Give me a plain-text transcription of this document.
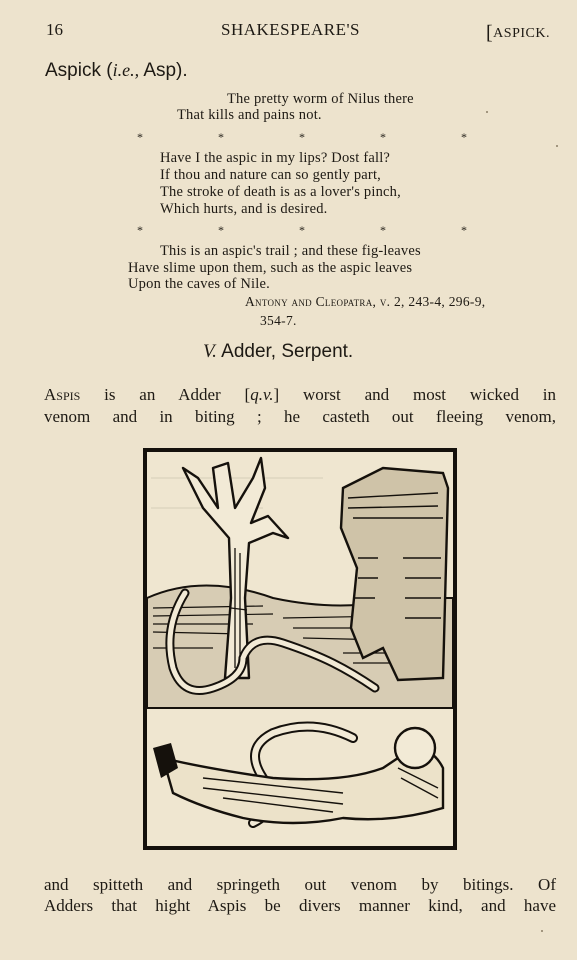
16	SHAKESPEARE'S	[ASPICK.
Aspick (i.e., Asp).
The pretty worm of Nilus there
That kills and pains not.
*	*	*	*	*
Have I the aspic in my lips? Dost fall?
If thou and nature can so gently part,
The stroke of death is as a lover's pinch,
Which hurts, and is desired.
*	*	*	*	*
This is an aspic's trail ; and these fig-leaves
Have slime upon them, such as the aspic leaves
Upon the caves of Nile.
Antony and Cleopatra, v. 2, 243-4, 296-9,
354-7.
V. Adder, Serpent.
Aspis is an Adder [q.v.] worst and most wicked in
venom and in biting ; he casteth out fleeing venom,
and spitteth and springeth out venom by bitings. Of
Adders that hight Aspis be divers manner kind, and have
